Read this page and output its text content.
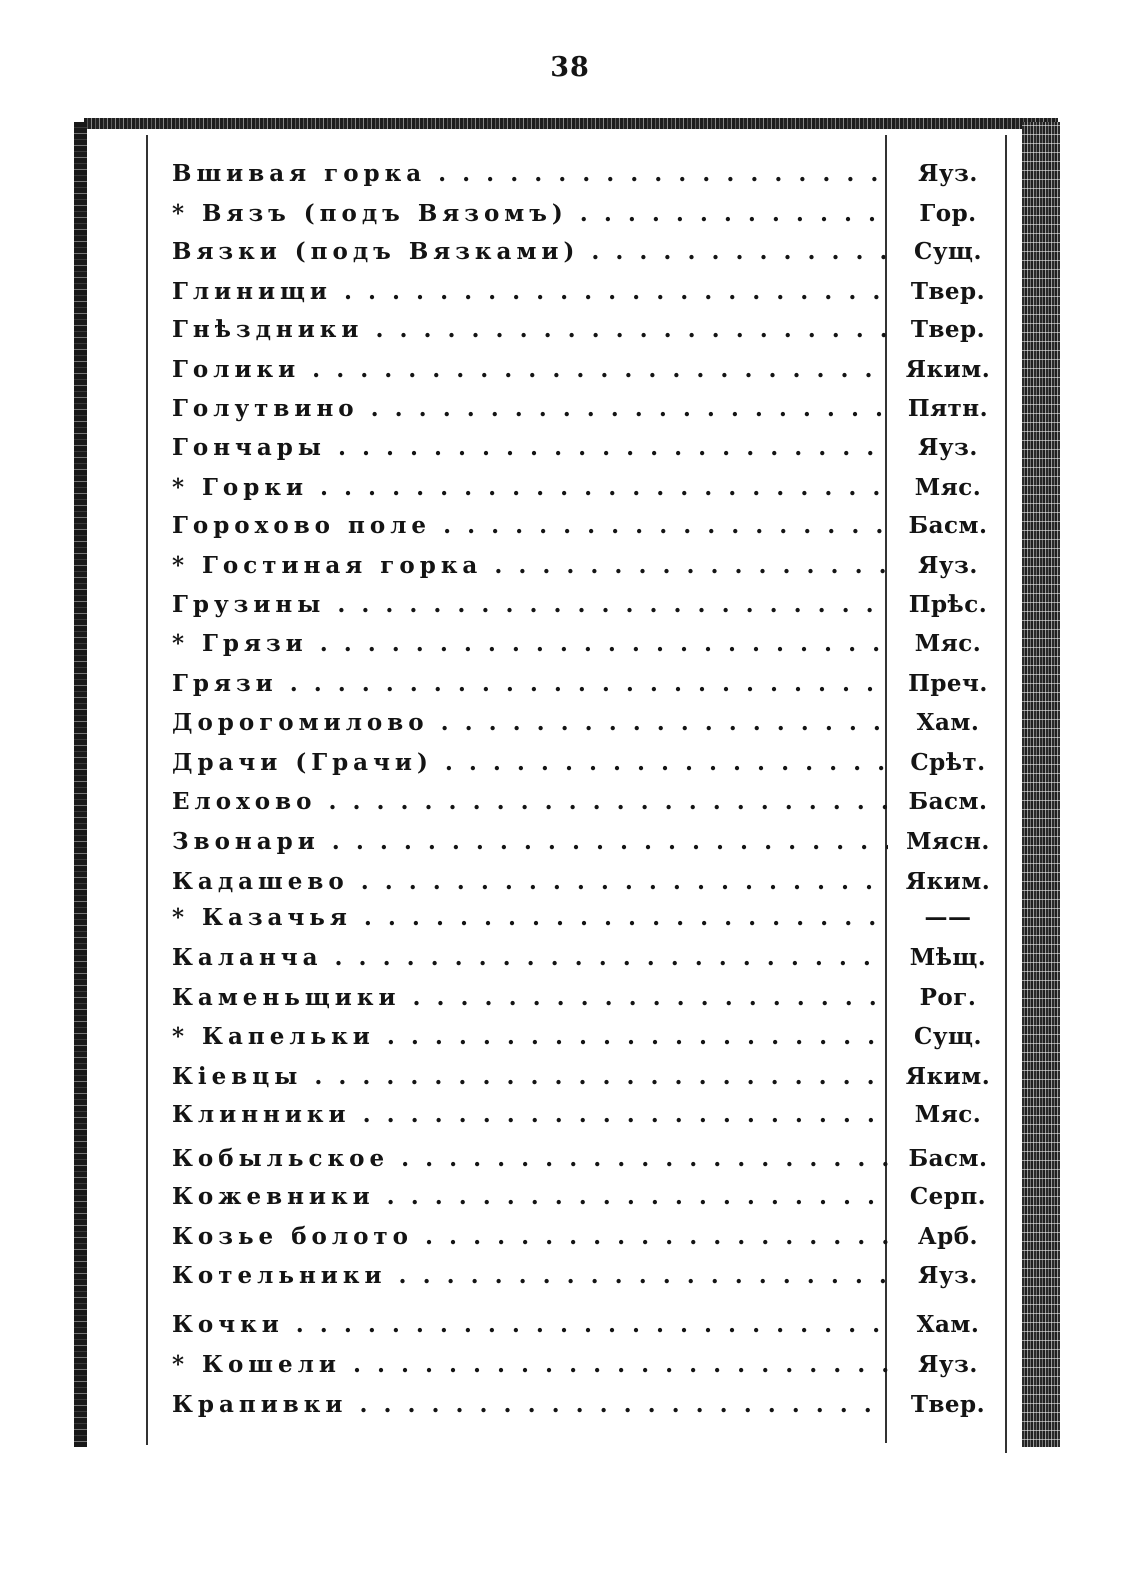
38
Вшивая горка . . .	Яуз.
* Вязъ (подъ Вязомъ) . . .	Гор.
Вязки (подъ Вязками) . . .	Сущ.
Глинищи . . .	Твер.
Гнѣздники . . .	Твер.
Голики . . .	Яким.
Голутвино . . .	Пятн.
Гончары . . .	Яуз.
* Горки . . .	Мяс.
Горохово поле . . .	Басм.
* Гостиная горка . . .	Яуз.
Грузины . . .	Прѣс.
* Грязи . . .	Мяс.
Грязи . . .	Преч.
Дорогомилово . . .	Хам.
Драчи (Грачи) . . .	Срѣт.
Елохово . . .	Басм.
Звонари . . .	Мясн.
Кадашево . . .	Яким.
* Казачья . . .	——
Каланча . . .	Мѣщ.
Каменьщики . . .	Рог.
* Капельки . . .	Сущ.
Кіевцы . . .	Яким.
Клинники . . .	Мяс.
Кобыльское . . .	Басм.
Кожевники . . .	Серп.
Козье болото . . .	Арб.
Котельники . . .	Яуз.
Кочки . . .	Хам.
* Кошели . . .	Яуз.
Крапивки . . .	Твер.
